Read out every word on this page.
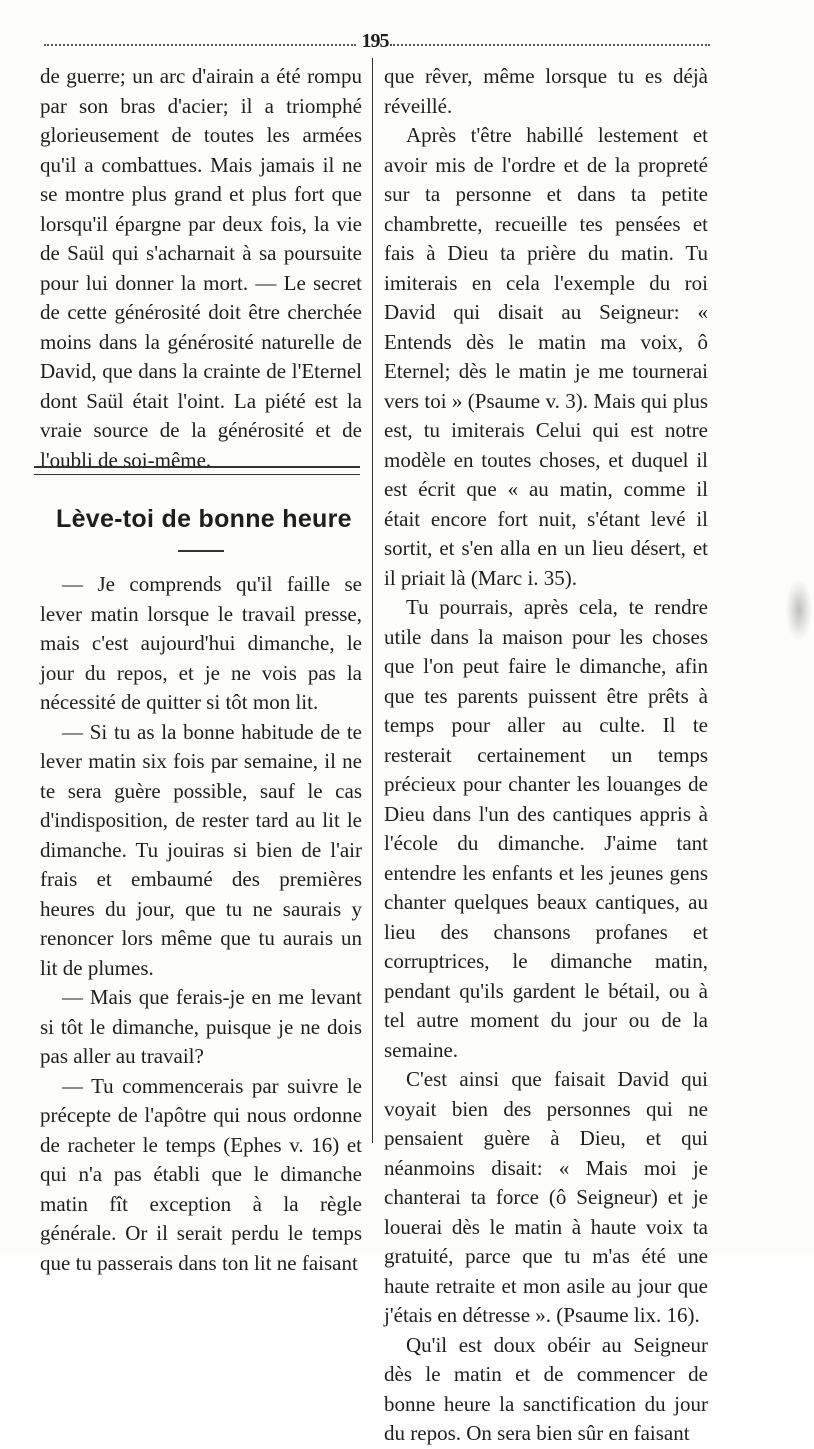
195

de guerre; un arc d'airain a été rompu par son bras d'acier; il a triomphé glorieusement de toutes les armées qu'il a combattues. Mais jamais il ne se montre plus grand et plus fort que lorsqu'il épargne par deux fois, la vie de Saül qui s'acharnait à sa poursuite pour lui donner la mort. — Le secret de cette générosité doit être cherchée moins dans la générosité naturelle de David, que dans la crainte de l'Eternel dont Saül était l'oint. La piété est la vraie source de la générosité et de l'oubli de soi-même.

Lève-toi de bonne heure

— Je comprends qu'il faille se lever matin lorsque le travail presse, mais c'est aujourd'hui dimanche, le jour du repos, et je ne vois pas la nécessité de quitter si tôt mon lit.

— Si tu as la bonne habitude de te lever matin six fois par semaine, il ne te sera guère possible, sauf le cas d'indisposition, de rester tard au lit le dimanche. Tu jouiras si bien de l'air frais et embaumé des premières heures du jour, que tu ne saurais y renoncer lors même que tu aurais un lit de plumes.

— Mais que ferais-je en me levant si tôt le dimanche, puisque je ne dois pas aller au travail?

— Tu commencerais par suivre le précepte de l'apôtre qui nous ordonne de racheter le temps (Ephes v. 16) et qui n'a pas établi que le dimanche matin fît exception à la règle générale. Or il serait perdu le temps que tu passerais dans ton lit ne faisant

que rêver, même lorsque tu es déjà réveillé.

Après t'être habillé lestement et avoir mis de l'ordre et de la propreté sur ta personne et dans ta petite chambrette, recueille tes pensées et fais à Dieu ta prière du matin. Tu imiterais en cela l'exemple du roi David qui disait au Seigneur: « Entends dès le matin ma voix, ô Eternel; dès le matin je me tournerai vers toi » (Psaume v. 3). Mais qui plus est, tu imiterais Celui qui est notre modèle en toutes choses, et duquel il est écrit que « au matin, comme il était encore fort nuit, s'étant levé il sortit, et s'en alla en un lieu désert, et il priait là (Marc i. 35).

Tu pourrais, après cela, te rendre utile dans la maison pour les choses que l'on peut faire le dimanche, afin que tes parents puissent être prêts à temps pour aller au culte. Il te resterait certainement un temps précieux pour chanter les louanges de Dieu dans l'un des cantiques appris à l'école du dimanche. J'aime tant entendre les enfants et les jeunes gens chanter quelques beaux cantiques, au lieu des chansons profanes et corruptrices, le dimanche matin, pendant qu'ils gardent le bétail, ou à tel autre moment du jour ou de la semaine.

C'est ainsi que faisait David qui voyait bien des personnes qui ne pensaient guère à Dieu, et qui néanmoins disait: « Mais moi je chanterai ta force (ô Seigneur) et je louerai dès le matin à haute voix ta gratuité, parce que tu m'as été une haute retraite et mon asile au jour que j'étais en détresse ». (Psaume lix. 16).

Qu'il est doux obéir au Seigneur dès le matin et de commencer de bonne heure la sanctification du jour du repos. On sera bien sûr en faisant
